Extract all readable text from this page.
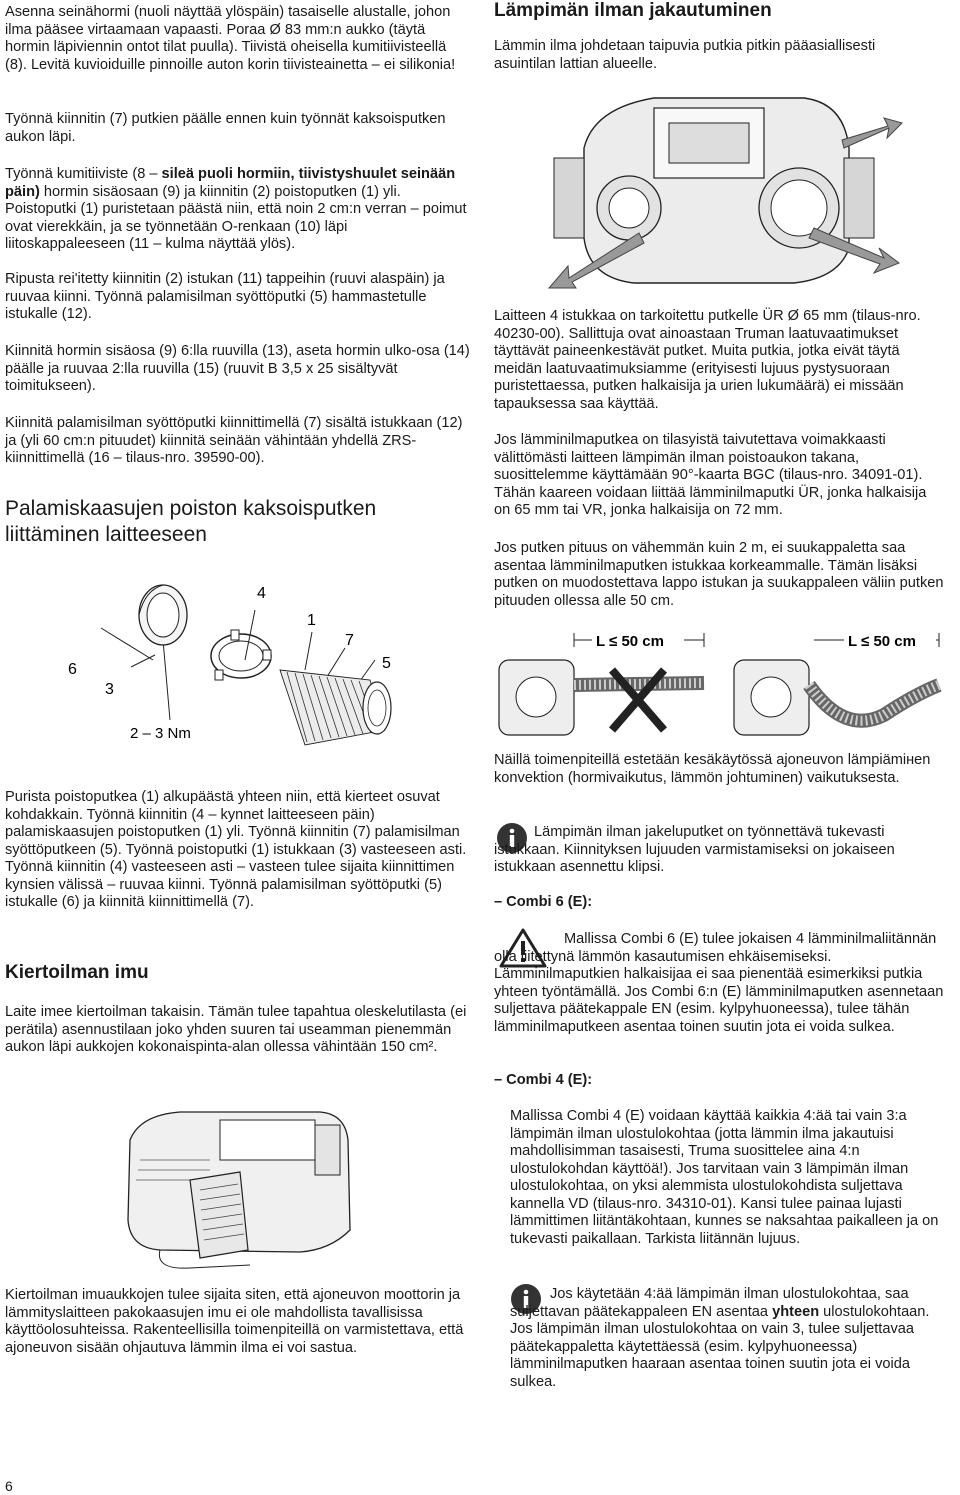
Asenna seinähormi (nuoli näyttää ylöspäin) tasaiselle alustalle, johon ilma pääsee virtaamaan vapaasti. Poraa Ø 83 mm:n aukko (täytä hormin läpiviennin ontot tilat puulla). Tiivistä oheisella kumitiivisteellä (8). Levitä kuvioiduille pinnoille auton korin tiivisteainetta – ei silikonia!

Työnnä kiinnitin (7) putkien päälle ennen kuin työnnät kaksoisputken aukon läpi.

Työnnä kumitiiviste (8 – sileä puoli hormiin, tiivistyshuulet seinään päin) hormin sisäosaan (9) ja kiinnitin (2) poistoputken (1) yli. Poistoputki (1) puristetaan päästä niin, että noin 2 cm:n verran – poimut ovat vierekkäin, ja se työnnetään O-renkaan (10) läpi liitoskappaleeseen (11 – kulma näyttää ylös).

Ripusta rei'itetty kiinnitin (2) istukan (11) tappeihin (ruuvi alaspäin) ja ruuvaa kiinni. Työnnä palamisilman syöttöputki (5) hammastetulle istukalle (12).

Kiinnitä hormin sisäosa (9) 6:lla ruuvilla (13), aseta hormin ulko-osa (14) päälle ja ruuvaa 2:lla ruuvilla (15) (ruuvit B 3,5 x 25 sisältyvät toimitukseen).

Kiinnitä palamisilman syöttöputki kiinnittimellä (7) sisältä istukkaan (12) ja (yli 60 cm:n pituudet) kiinnitä seinään vähintään yhdellä ZRS-kiinnittimellä (16 – tilaus-nro. 39590-00).

Palamiskaasujen poiston kaksoisputken liittäminen laitteeseen
4
1
7
5
6
3
2 – 3 Nm

Purista poistoputkea (1) alkupäästä yhteen niin, että kierteet osuvat kohdakkain. Työnnä kiinnitin (4 – kynnet laitteeseen päin) palamiskaasujen poistoputken (1) yli. Työnnä kiinnitin (7) palamisilman syöttöputkeen (5). Työnnä poistoputki (1) istukkaan (3) vasteeseen asti. Työnnä kiinnitin (4) vasteeseen asti – vasteen tulee sijaita kiinnittimen kynsien välissä – ruuvaa kiinni. Työnnä palamisilman syöttöputki (5) istukalle (6) ja kiinnitä kiinnittimellä (7).

Kiertoilman imu

Laite imee kiertoilman takaisin. Tämän tulee tapahtua oleskelutilasta (ei perätila) asennustilaan joko yhden suuren tai useamman pienemmän aukon läpi aukkojen kokonaispinta-alan ollessa vähintään 150 cm².

Kiertoilman imuaukkojen tulee sijaita siten, että ajoneuvon moottorin ja lämmityslaitteen pakokaasujen imu ei ole mahdollista tavallisissa käyttöolosuhteissa. Rakenteellisilla toimenpiteillä on varmistettava, että ajoneuvon sisään ohjautuva lämmin ilma ei voi sastua.

Lämpimän ilman jakautuminen

Lämmin ilma johdetaan taipuvia putkia pitkin pääasiallisesti asuintilan lattian alueelle.

Laitteen 4 istukkaa on tarkoitettu putkelle ÜR Ø 65 mm (tilaus-nro. 40230-00). Sallittuja ovat ainoastaan Truman laatuvaatimukset täyttävät paineenkestävät putket. Muita putkia, jotka eivät täytä meidän laatuvaatimuksiamme (erityisesti lujuus pystysuoraan puristettaessa, putken halkaisija ja urien lukumäärä) ei missään tapauksessa saa käyttää.

Jos lämminilmaputkea on tilasyistä taivutettava voimakkaasti välittömästi laitteen lämpimän ilman poistoaukon takana, suosittelemme käyttämään 90°-kaarta BGC (tilaus-nro. 34091-01). Tähän kaareen voidaan liittää lämminilmaputki ÜR, jonka halkaisija on 65 mm tai VR, jonka halkaisija on 72 mm.

Jos putken pituus on vähemmän kuin 2 m, ei suukappaletta saa asentaa lämminilmaputken istukkaa korkeammalle. Tämän lisäksi putken on muodostettava lappo istukan ja suukappaleen väliin putken pituuden ollessa alle 50 cm.

L ≤ 50 cm	L ≤ 50 cm

Näillä toimenpiteillä estetään kesäkäytössä ajoneuvon lämpiämінen konvektion (hormivaikutus, lämmön johtuminen) vaikutuksesta.

Lämpimän ilman jakeluputket on työnnettävä tukevasti istukkaan. Kiinnityksen lujuuden varmistamiseksi on jokaiseen istukkaan asennettu klipsi.

– Combi 6 (E):

Mallissa Combi 6 (E) tulee jokaisen 4 lämminilmaliitännän olla liitettynä lämmön kasautumisen ehkäisemiseksi. Lämminilmaputkien halkaisijaa ei saa pienentää esimerkiksi putkia yhteen työntämällä. Jos Combi 6:n (E) lämminilmaputken asennetaan suljettava päätekappale EN (esim. kylpyhuoneessa), tulee tähän lämminilmaputkeen asentaa toinen suutin jota ei voida sulkea.

– Combi 4 (E):

Mallissa Combi 4 (E) voidaan käyttää kaikkia 4:ää tai vain 3:a lämpimän ilman ulostulokohtaa (jotta lämmin ilma jakautuisi mahdollisimman tasaisesti, Truma suosittelee aina 4:n ulostulokohdan käyttöä!). Jos tarvitaan vain 3 lämpimän ilman ulostulokohtaa, on yksi alemmista ulostulokohdista suljettava kannella VD (tilaus-nro. 34310-01). Kansi tulee painaa lujasti lämmittimen liitäntäkohtaan, kunnes se naksahtaa paikalleen ja on tukevasti paikallaan. Tarkista liitännän lujuus.

Jos käytetään 4:ää lämpimän ilman ulostulokohtaa, saa suljettavan päätekappaleen EN asentaa yhteen ulostulokohtaan. Jos lämpimän ilman ulostulokohtaa on vain 3, tulee suljettavaa päätekappaletta käytettäessä (esim. kylpyhuoneessa) lämminilmaputken haaraan asentaa toinen suutin jota ei voida sulkea.

6
